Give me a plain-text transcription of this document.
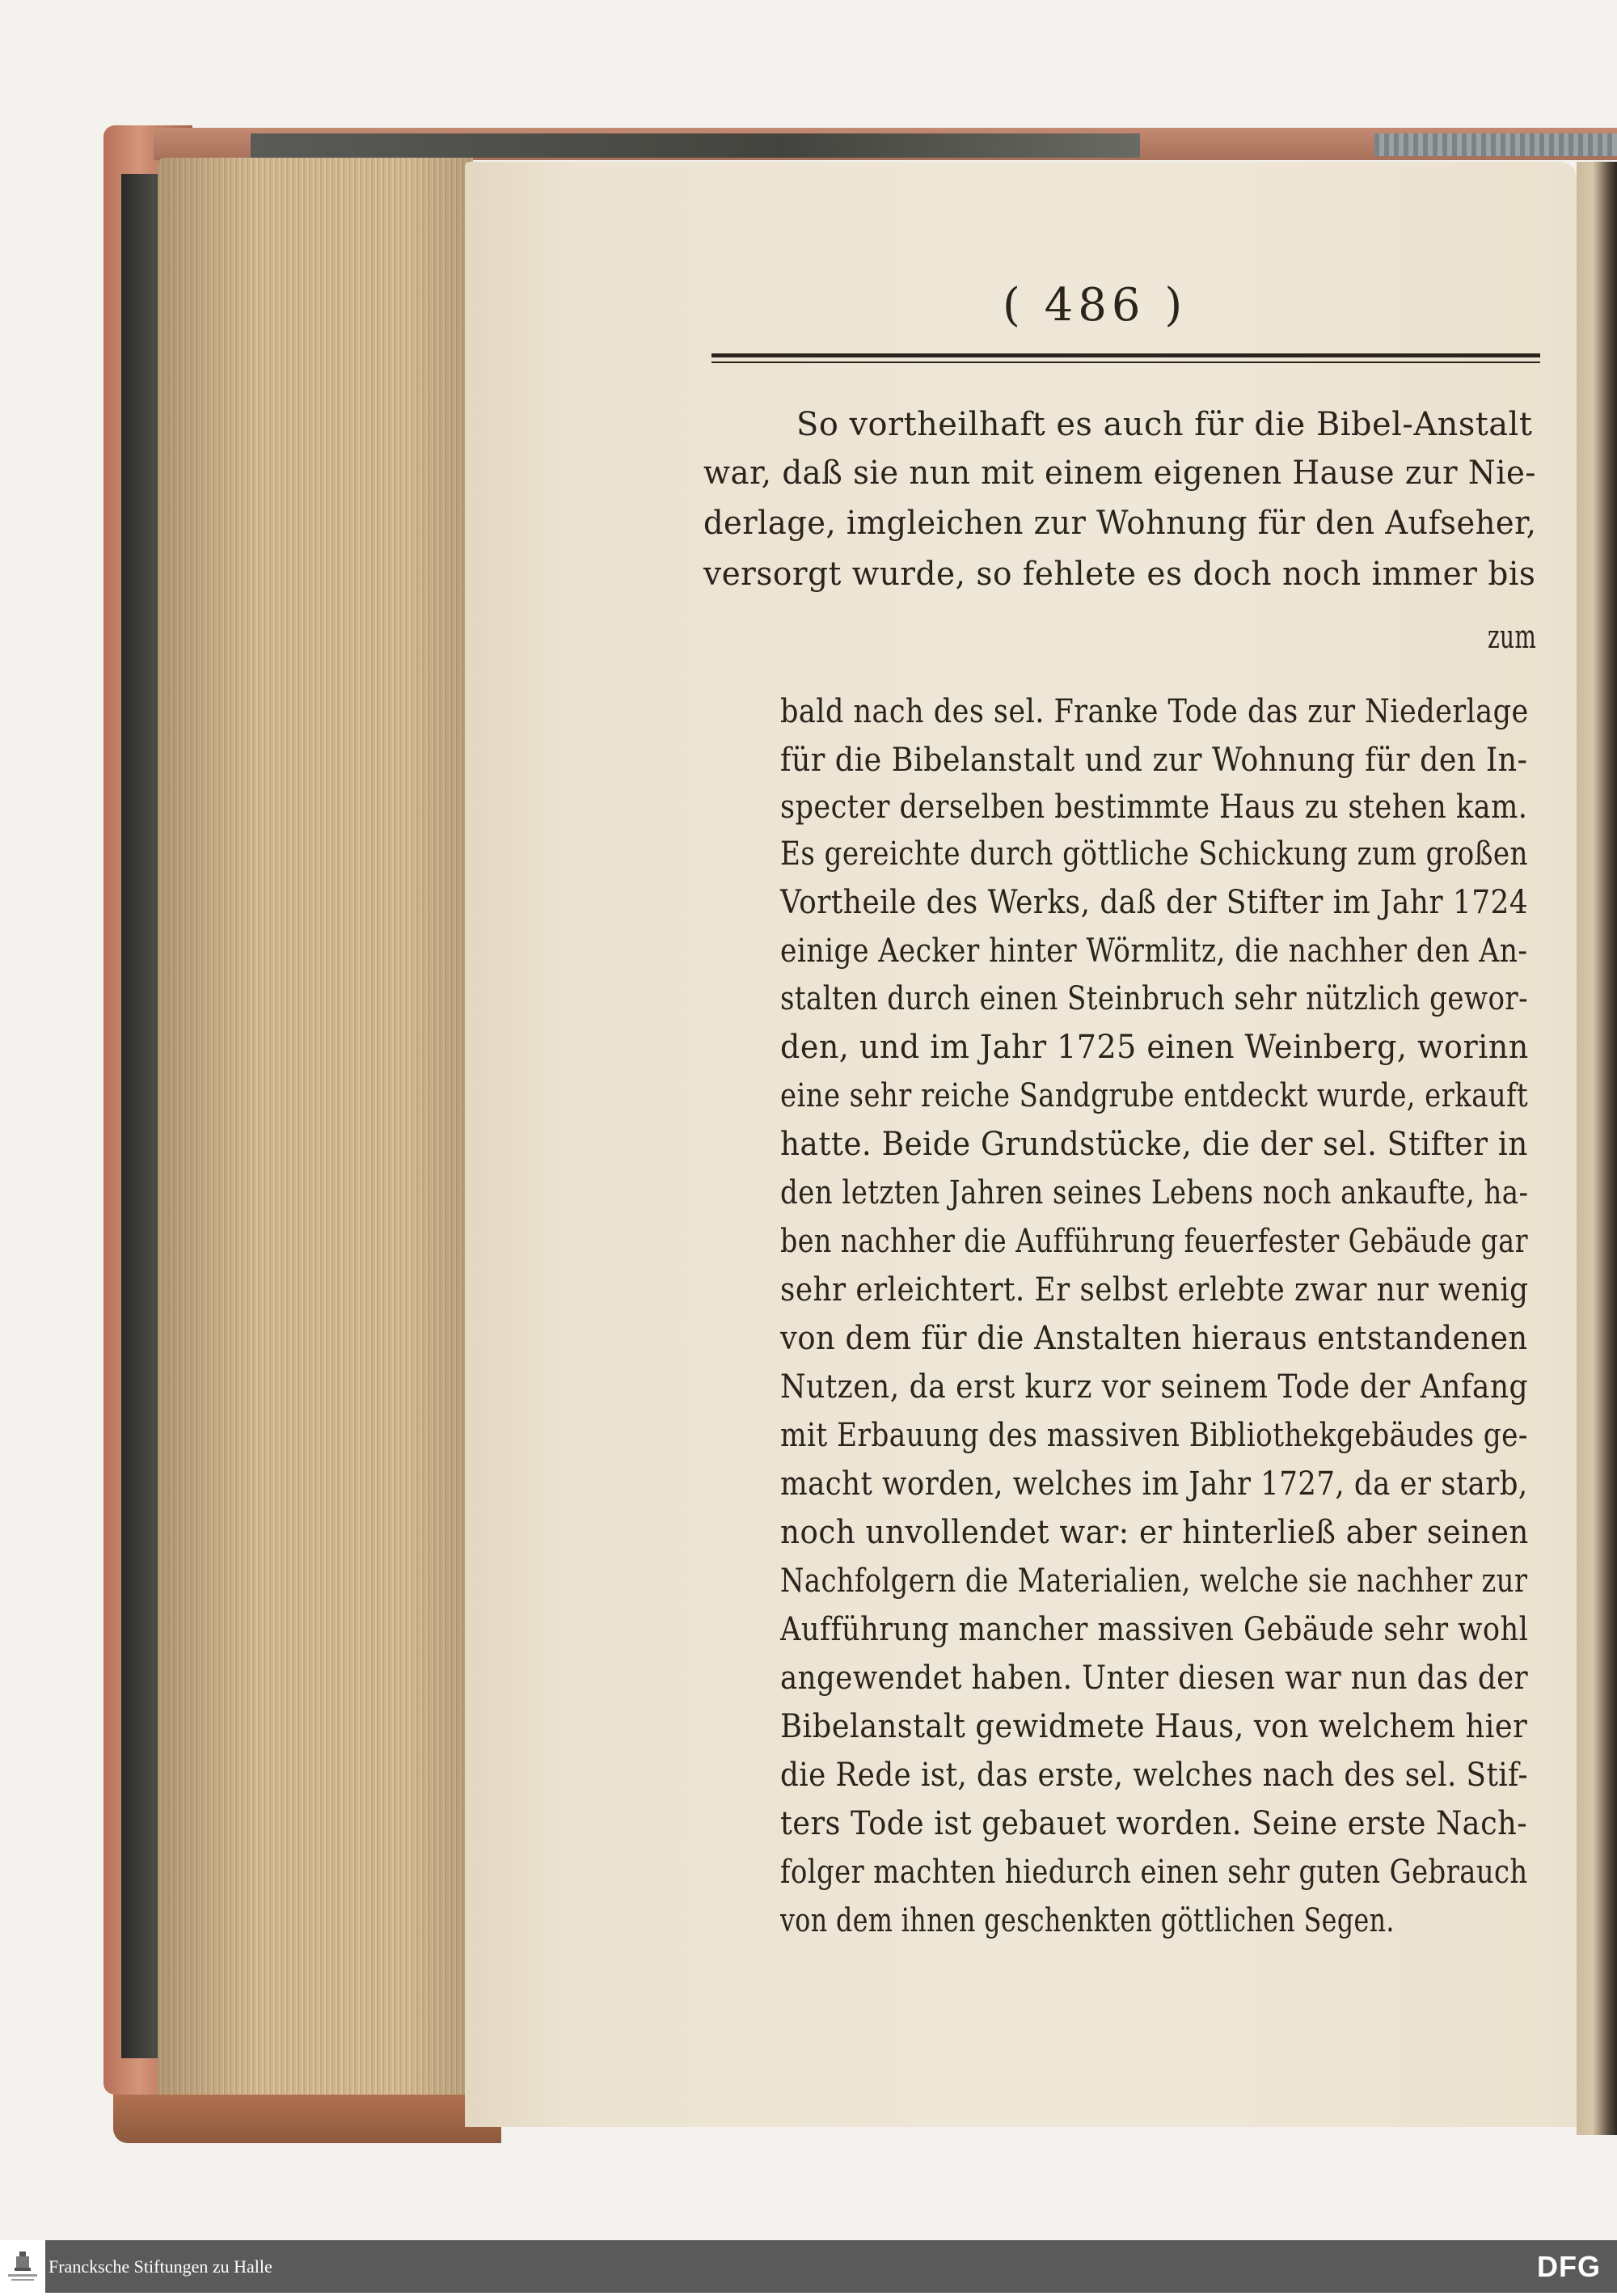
( 486 )
So vortheilhaft es auch für die Bibel-Anstalt
war, daß sie nun mit einem eigenen Hause zur Nie-
derlage, imgleichen zur Wohnung für den Aufseher,
versorgt wurde, so fehlete es doch noch immer bis
zum
bald nach des sel. Franke Tode das zur Niederlage
für die Bibelanstalt und zur Wohnung für den In-
specter derselben bestimmte Haus zu stehen kam.
Es gereichte durch göttliche Schickung zum großen
Vortheile des Werks, daß der Stifter im Jahr 1724
einige Aecker hinter Wörmlitz, die nachher den An-
stalten durch einen Steinbruch sehr nützlich gewor-
den, und im Jahr 1725 einen Weinberg, worinn
eine sehr reiche Sandgrube entdeckt wurde, erkauft
hatte. Beide Grundstücke, die der sel. Stifter in
den letzten Jahren seines Lebens noch ankaufte, ha-
ben nachher die Aufführung feuerfester Gebäude gar
sehr erleichtert. Er selbst erlebte zwar nur wenig
von dem für die Anstalten hieraus entstandenen
Nutzen, da erst kurz vor seinem Tode der Anfang
mit Erbauung des massiven Bibliothekgebäudes ge-
macht worden, welches im Jahr 1727, da er starb,
noch unvollendet war: er hinterließ aber seinen
Nachfolgern die Materialien, welche sie nachher zur
Aufführung mancher massiven Gebäude sehr wohl
angewendet haben. Unter diesen war nun das der
Bibelanstalt gewidmete Haus, von welchem hier
die Rede ist, das erste, welches nach des sel. Stif-
ters Tode ist gebauet worden. Seine erste Nach-
folger machten hiedurch einen sehr guten Gebrauch
von dem ihnen geschenkten göttlichen Segen.
Francksche Stiftungen zu Halle	DFG
